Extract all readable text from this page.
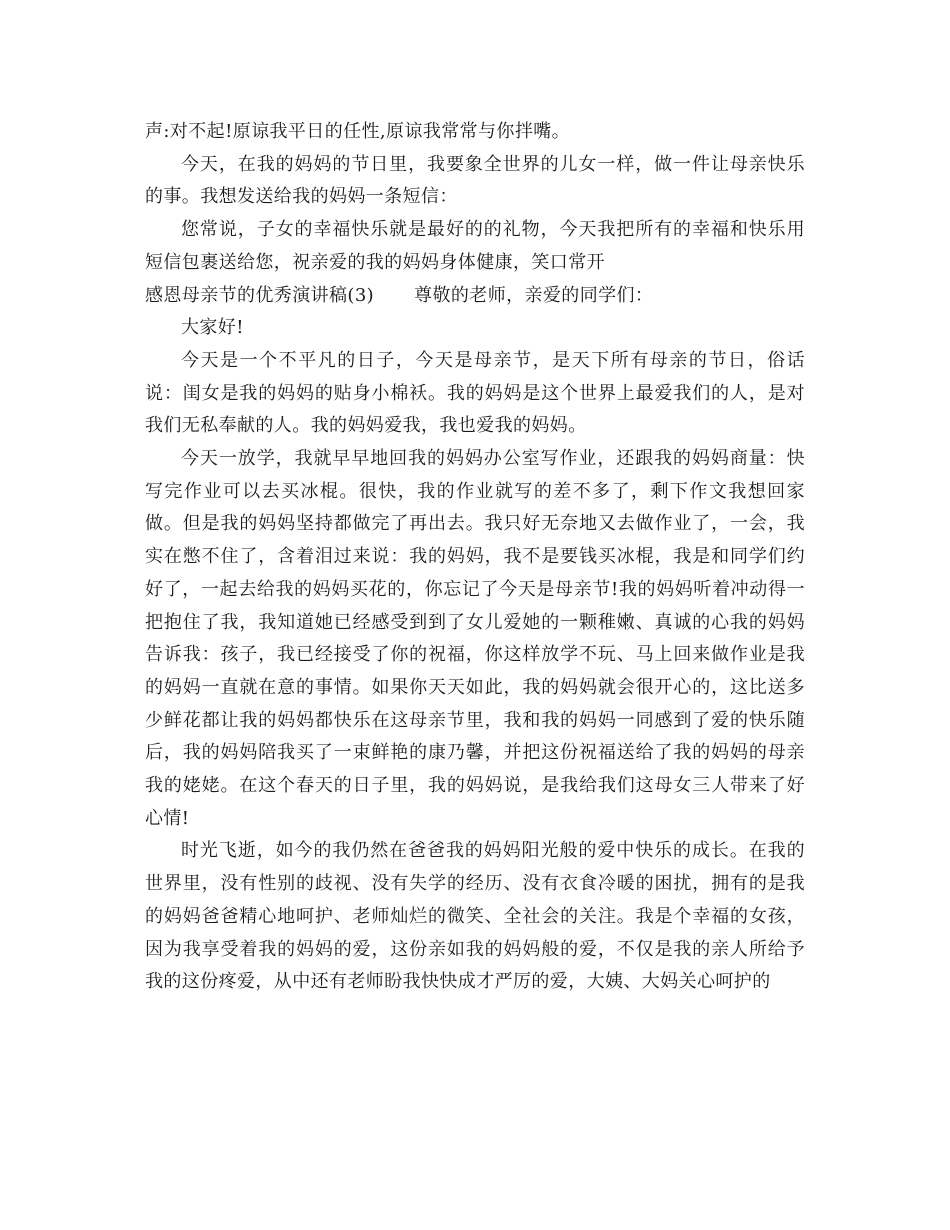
声:对不起!原谅我平日的任性,原谅我常常与你拌嘴。

今天，在我的妈妈的节日里，我要象全世界的儿女一样，做一件让母亲快乐的事。我想发送给我的妈妈一条短信：

您常说，子女的幸福快乐就是最好的的礼物，今天我把所有的幸福和快乐用短信包裹送给您，祝亲爱的我的妈妈身体健康，笑口常开

感恩母亲节的优秀演讲稿(3) 尊敬的老师，亲爱的同学们：

大家好!

今天是一个不平凡的日子，今天是母亲节，是天下所有母亲的节日，俗话说：闺女是我的妈妈的贴身小棉袄。我的妈妈是这个世界上最爱我们的人，是对我们无私奉献的人。我的妈妈爱我，我也爱我的妈妈。

今天一放学，我就早早地回我的妈妈办公室写作业，还跟我的妈妈商量：快写完作业可以去买冰棍。很快，我的作业就写的差不多了，剩下作文我想回家做。但是我的妈妈坚持都做完了再出去。我只好无奈地又去做作业了，一会，我实在憋不住了，含着泪过来说：我的妈妈，我不是要钱买冰棍，我是和同学们约好了，一起去给我的妈妈买花的，你忘记了今天是母亲节!我的妈妈听着冲动得一把抱住了我，我知道她已经感受到到了女儿爱她的一颗稚嫩、真诚的心我的妈妈告诉我：孩子，我已经接受了你的祝福，你这样放学不玩、马上回来做作业是我的妈妈一直就在意的事情。如果你天天如此，我的妈妈就会很开心的，这比送多少鲜花都让我的妈妈都快乐在这母亲节里，我和我的妈妈一同感到了爱的快乐随后，我的妈妈陪我买了一束鲜艳的康乃馨，并把这份祝福送给了我的妈妈的母亲我的姥姥。在这个春天的日子里，我的妈妈说，是我给我们这母女三人带来了好心情!

时光飞逝，如今的我仍然在爸爸我的妈妈阳光般的爱中快乐的成长。在我的世界里，没有性别的歧视、没有失学的经历、没有衣食冷暖的困扰，拥有的是我的妈妈爸爸精心地呵护、老师灿烂的微笑、全社会的关注。我是个幸福的女孩，因为我享受着我的妈妈的爱，这份亲如我的妈妈般的爱，不仅是我的亲人所给予我的这份疼爱，从中还有老师盼我快快成才严厉的爱，大姨、大妈关心呵护的
